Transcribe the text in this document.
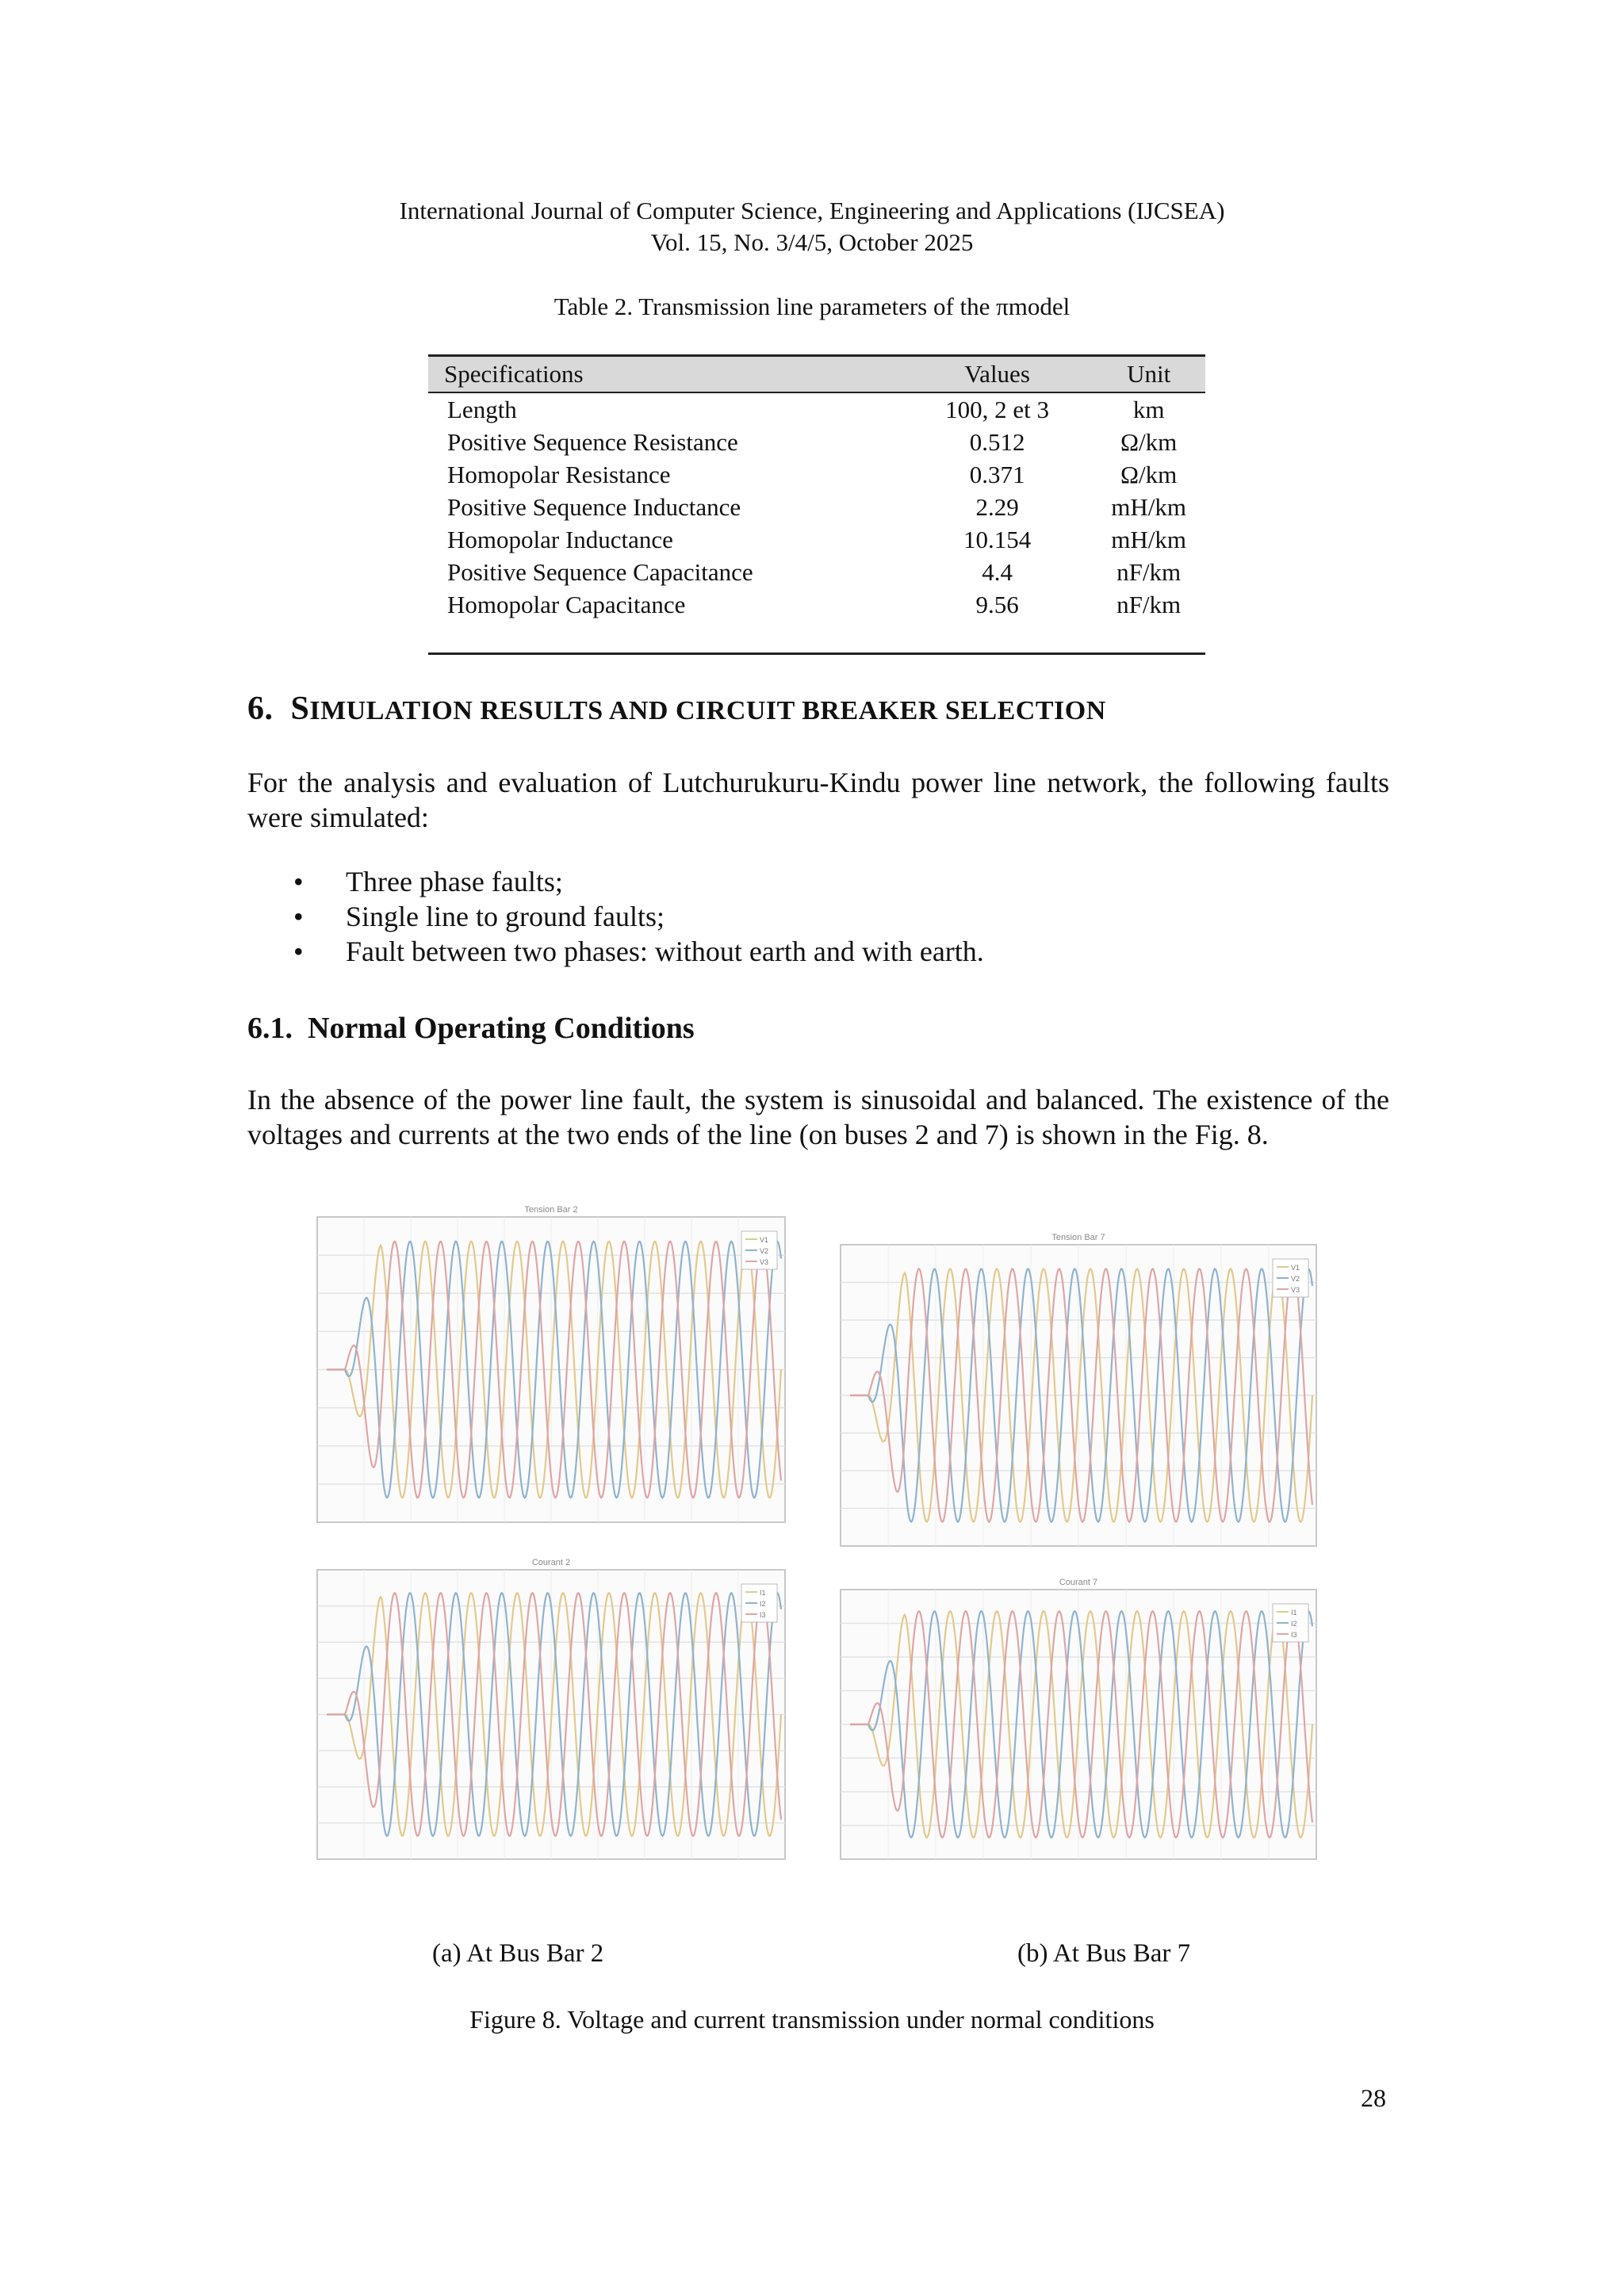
International Journal of Computer Science, Engineering and Applications (IJCSEA)
Vol. 15, No. 3/4/5, October 2025
Table 2. Transmission line parameters of the πmodel
Specifications	Values	Unit
Length	100, 2 et 3	km
Positive Sequence Resistance	0.512	Ω/km
Homopolar Resistance	0.371	Ω/km
Positive Sequence Inductance	2.29	mH/km
Homopolar Inductance	10.154	mH/km
Positive Sequence Capacitance	4.4	nF/km
Homopolar Capacitance	9.56	nF/km
6. SIMULATION RESULTS AND CIRCUIT BREAKER SELECTION
For the analysis and evaluation of Lutchurukuru-Kindu power line network, the following faults were simulated:
• Three phase faults;
• Single line to ground faults;
• Fault between two phases: without earth and with earth.
6.1.  Normal Operating Conditions
In the absence of the power line fault, the system is sinusoidal and balanced. The existence of the voltages and currents at the two ends of the line (on buses 2 and 7) is shown in the Fig. 8.
Tension Bar 2
V1
V2
V3
Tension Bar 7
V1
V2
V3
Courant 2
I1
I2
I3
Courant 7
I1
I2
I3
(a) At Bus Bar 2	(b) At Bus Bar 7
Figure 8. Voltage and current transmission under normal conditions
28
